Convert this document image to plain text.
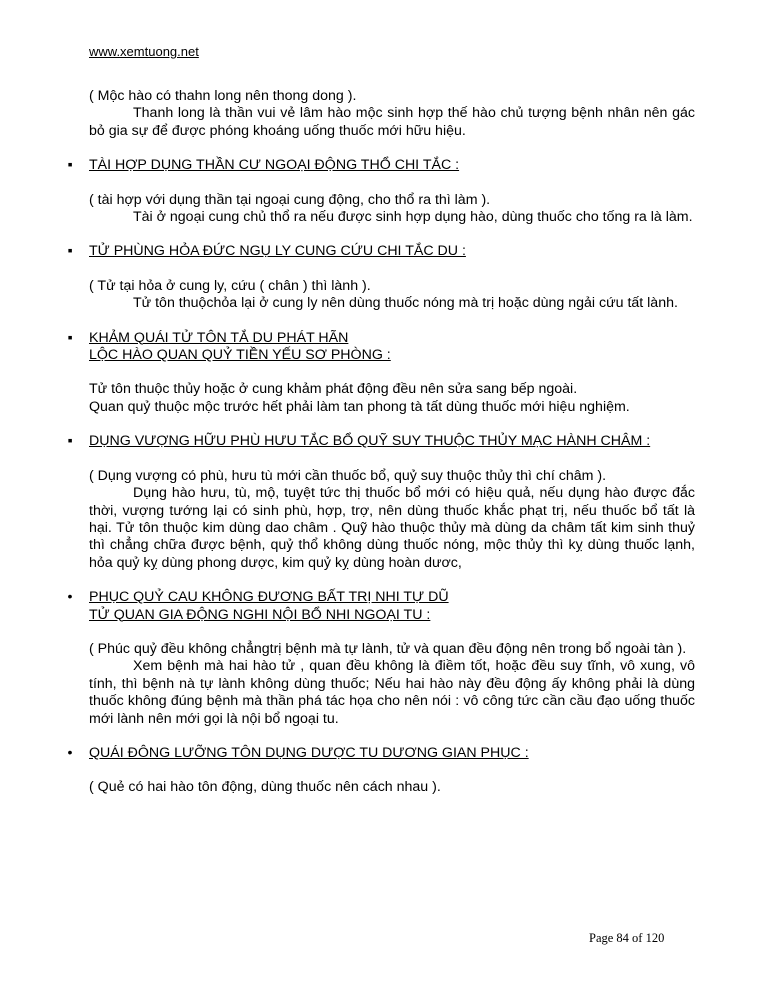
www.xemtuong.net

( Mộc hào có thahn long nên thong dong ).

Thanh long là thần vui vẻ lâm hào mộc sinh hợp thế hào chủ tượng bệnh nhân nên gác bỏ gia sự để được phóng khoáng uống thuốc mới hữu hiệu.

▪ TÀI HỢP DỤNG THẦN CƯ NGOẠI ĐỘNG THỔ CHI TẮC :

( tài hợp với dụng thần tại ngoại cung động, cho thổ ra thì làm ).

Tài ở ngoại cung chủ thổ ra nếu được sinh hợp dụng hào, dùng thuốc cho tống ra là làm.

▪ TỬ PHÙNG HỎA ĐỨC NGỤ LY CUNG CỨU CHI TẮC DU :

( Tử tại hỏa ở cung ly, cứu ( chân ) thì lành ).

Tử tôn thuộchỏa lại ở cung ly nên dùng thuốc nóng mà trị hoặc dùng ngải cứu tất lành.

▪ KHẢM QUÁI TỬ TÔN TẮ DU PHÁT HÃN
LỘC HÀO QUAN QUỶ TIỀN YẾU SƠ PHÒNG :

Tử tôn thuộc thủy hoặc ở cung khảm phát động đều nên sửa sang bếp ngoài.

Quan quỷ thuộc mộc trước hết phải làm tan phong tà tất dùng thuốc mới hiệu nghiệm.

▪ DỤNG VƯỢNG HỮU PHÙ HƯU TẮC BỔ QUỸ SUY THUỘC THỦY MẠC HÀNH CHÂM :

( Dụng vượng có phù, hưu tù mới cần thuốc bổ, quỷ suy thuộc thủy thì chí châm ).

Dụng hào hưu, tù, mộ, tuyệt tức thị thuốc bổ mới có hiệu quả, nếu dụng hào được đắc thời, vượng tướng lại có sinh phù, hợp, trợ, nên dùng thuốc khắc phạt trị, nếu thuốc bổ tất là hại. Tử tôn thuộc kim dùng dao châm . Quỹ hào thuộc thủy mà dùng da châm tất kim sinh thuỷ thì chẳng chữa được bệnh, quỷ thổ không dùng thuốc nóng, mộc thủy thì kỵ dùng thuốc lạnh, hỏa quỷ kỵ dùng phong dược, kim quỷ kỵ dùng hoàn dươc,

• PHỤC QUỶ CAU KHÔNG ĐƯƠNG BẤT TRỊ NHI TỰ DŨ
TỬ QUAN GIA ĐỘNG NGHI NỘI BỔ NHI NGOẠI TU :

( Phúc quỷ đều không chẳngtrị bệnh mà tự lành, tử và quan đều động nên trong bổ ngoài tàn ).

Xem bệnh mà hai hào tử , quan đều không là điềm tốt, hoặc đều suy tĩnh, vô xung, vô tính, thì bệnh nà tự lành không dùng thuốc; Nếu hai hào này đều động ấy không phải là dùng thuốc không đúng bệnh mà thần phá tác họa cho nên nói : vô công tức cần cầu đạo uống thuốc mới lành nên mới gọi là nội bổ ngoại tu.

• QUÁI ĐÔNG LƯỠNG TÔN DỤNG DƯỢC TU DƯƠNG GIAN PHỤC :

( Quẻ có hai hào tôn động, dùng thuốc nên cách nhau ).

Page 84 of 120
